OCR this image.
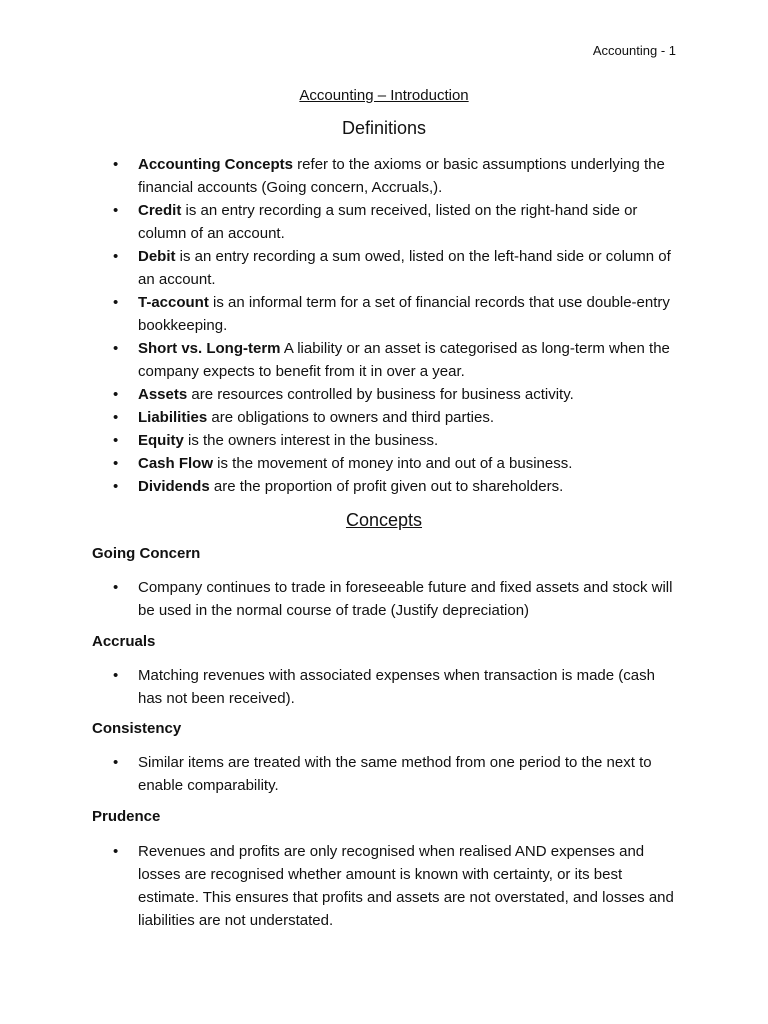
Accounting - 1
Accounting – Introduction
Definitions
• Accounting Concepts refer to the axioms or basic assumptions underlying the financial accounts (Going concern, Accruals,).
• Credit is an entry recording a sum received, listed on the right-hand side or column of an account.
• Debit is an entry recording a sum owed, listed on the left-hand side or column of an account.
• T-account is an informal term for a set of financial records that use double-entry bookkeeping.
• Short vs. Long-term A liability or an asset is categorised as long-term when the company expects to benefit from it in over a year.
• Assets are resources controlled by business for business activity.
• Liabilities are obligations to owners and third parties.
• Equity is the owners interest in the business.
• Cash Flow is the movement of money into and out of a business.
• Dividends are the proportion of profit given out to shareholders.
Concepts
Going Concern
• Company continues to trade in foreseeable future and fixed assets and stock will be used in the normal course of trade (Justify depreciation)
Accruals
• Matching revenues with associated expenses when transaction is made (cash has not been received).
Consistency
• Similar items are treated with the same method from one period to the next to enable comparability.
Prudence
• Revenues and profits are only recognised when realised AND expenses and losses are recognised whether amount is known with certainty, or its best estimate. This ensures that profits and assets are not overstated, and losses and liabilities are not understated.
